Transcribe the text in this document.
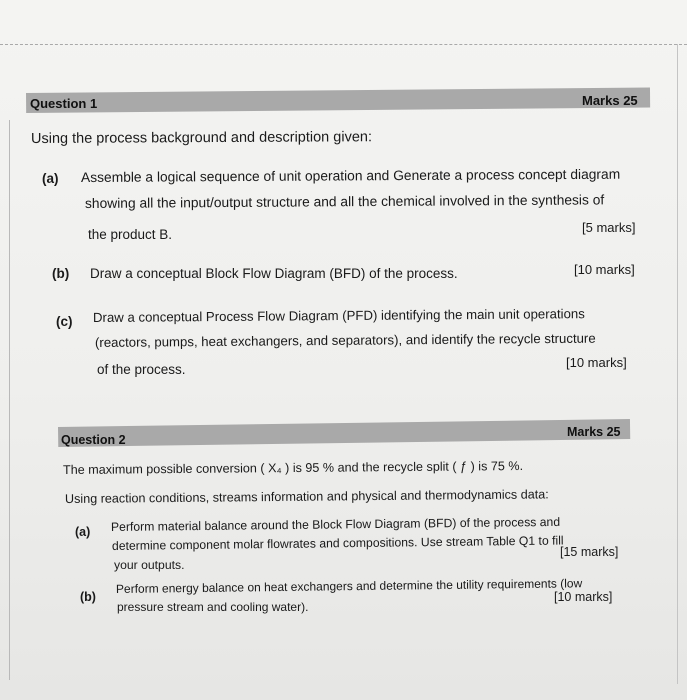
Question 1	Marks 25
Using the process background and description given:
(a) Assemble a logical sequence of unit operation and Generate a process concept diagram
showing all the input/output structure and all the chemical involved in the synthesis of
the product B.	[5 marks]
(b) Draw a conceptual Block Flow Diagram (BFD) of the process.	[10 marks]
(c) Draw a conceptual Process Flow Diagram (PFD) identifying the main unit operations
(reactors, pumps, heat exchangers, and separators), and identify the recycle structure
of the process.	[10 marks]
Question 2
Marks 25
The maximum possible conversion ( X₄ ) is 95 % and the recycle split ( ƒ ) is 75 %.
Using reaction conditions, streams information and physical and thermodynamics data:
(a) Perform material balance around the Block Flow Diagram (BFD) of the process and
determine component molar flowrates and compositions. Use stream Table Q1 to fill
your outputs.
[15 marks]
(b)
Perform energy balance on heat exchangers and determine the utility requirements (low
pressure stream and cooling water).
[10 marks]
